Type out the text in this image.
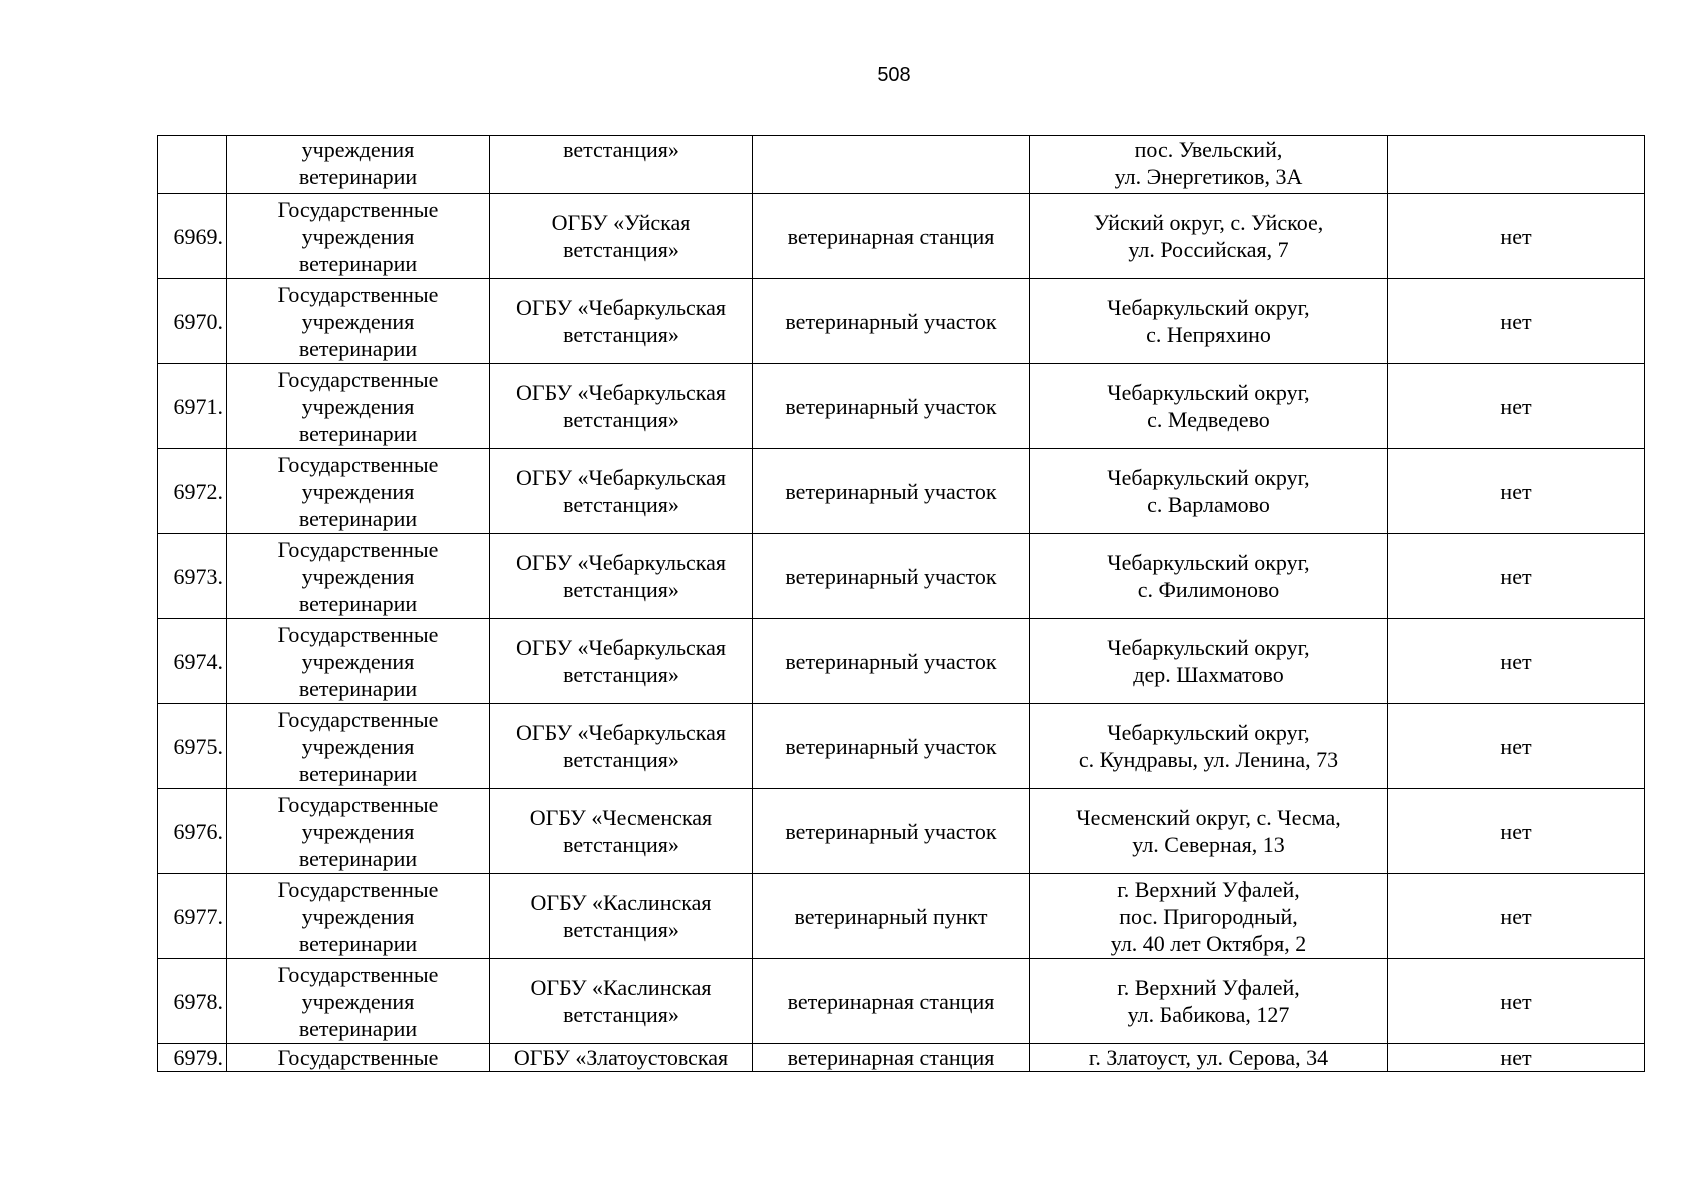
508
	учреждения
ветеринарии	ветстанция»		пос. Увельский,
ул. Энергетиков, 3А	
6969.	Государственные
учреждения
ветеринарии	ОГБУ «Уйская
ветстанция»	ветеринарная станция	Уйский округ, с. Уйское,
ул. Российская, 7	нет
6970.	Государственные
учреждения
ветеринарии	ОГБУ «Чебаркульская
ветстанция»	ветеринарный участок	Чебаркульский округ,
с. Непряхино	нет
6971.	Государственные
учреждения
ветеринарии	ОГБУ «Чебаркульская
ветстанция»	ветеринарный участок	Чебаркульский округ,
с. Медведево	нет
6972.	Государственные
учреждения
ветеринарии	ОГБУ «Чебаркульская
ветстанция»	ветеринарный участок	Чебаркульский округ,
с. Варламово	нет
6973.	Государственные
учреждения
ветеринарии	ОГБУ «Чебаркульская
ветстанция»	ветеринарный участок	Чебаркульский округ,
с. Филимоново	нет
6974.	Государственные
учреждения
ветеринарии	ОГБУ «Чебаркульская
ветстанция»	ветеринарный участок	Чебаркульский округ,
дер. Шахматово	нет
6975.	Государственные
учреждения
ветеринарии	ОГБУ «Чебаркульская
ветстанция»	ветеринарный участок	Чебаркульский округ,
с. Кундравы, ул. Ленина, 73	нет
6976.	Государственные
учреждения
ветеринарии	ОГБУ «Чесменская
ветстанция»	ветеринарный участок	Чесменский округ, с. Чесма,
ул. Северная, 13	нет
6977.	Государственные
учреждения
ветеринарии	ОГБУ «Каслинская
ветстанция»	ветеринарный пункт	г. Верхний Уфалей,
пос. Пригородный,
ул. 40 лет Октября, 2	нет
6978.	Государственные
учреждения
ветеринарии	ОГБУ «Каслинская
ветстанция»	ветеринарная станция	г. Верхний Уфалей,
ул. Бабикова, 127	нет
6979.	Государственные	ОГБУ «Златоустовская	ветеринарная станция	г. Златоуст, ул. Серова, 34	нет
